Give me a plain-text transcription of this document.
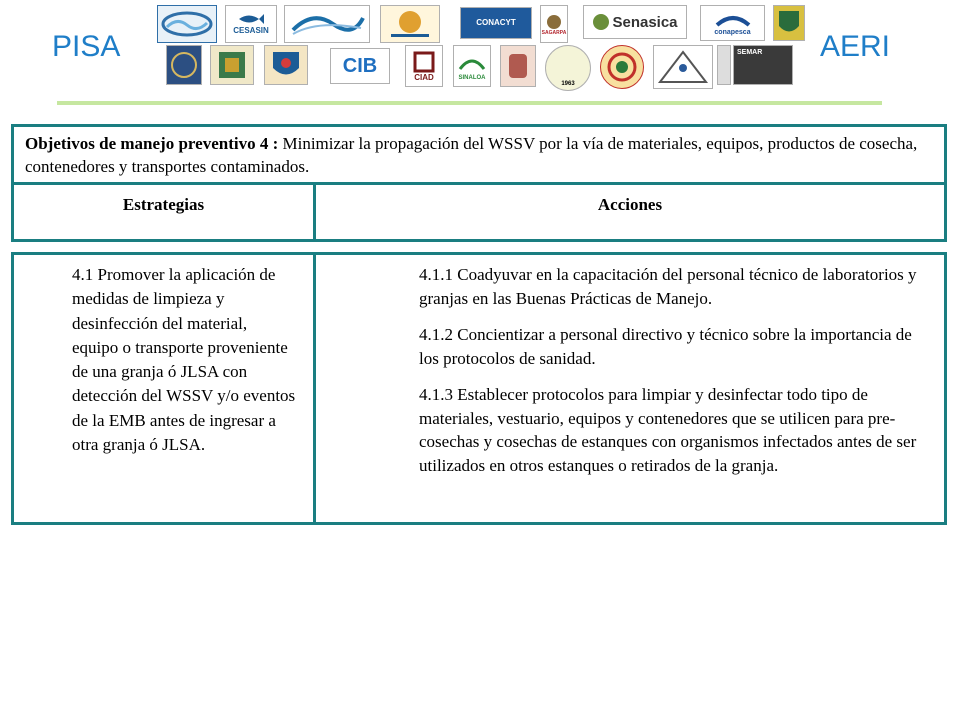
PISA	AERI
CESASIN
CONACYT
SAGARPA
Senasica
conapesca
CIB
CIAD	SINALOA
1963
SEMAR
Objetivos de manejo preventivo 4 : Minimizar la propagación del WSSV por la vía de materiales, equipos, productos de cosecha, contenedores y transportes contaminados.
Estrategias	Acciones
4.1 Promover la aplicación de medidas de limpieza y desinfección del material, equipo o transporte proveniente de una granja ó JLSA con detección del WSSV y/o eventos de la EMB antes de ingresar a otra granja ó JLSA.

4.1.1 Coadyuvar en la capacitación del personal técnico de laboratorios y granjas en las Buenas Prácticas de Manejo.

4.1.2 Concientizar a personal directivo y técnico sobre la importancia de los protocolos de sanidad.

4.1.3 Establecer protocolos para limpiar y desinfectar todo tipo de materiales, vestuario, equipos y contenedores que se utilicen para pre-cosechas y cosechas de estanques con organismos infectados antes de ser utilizados en otros estanques o retirados de la granja.
